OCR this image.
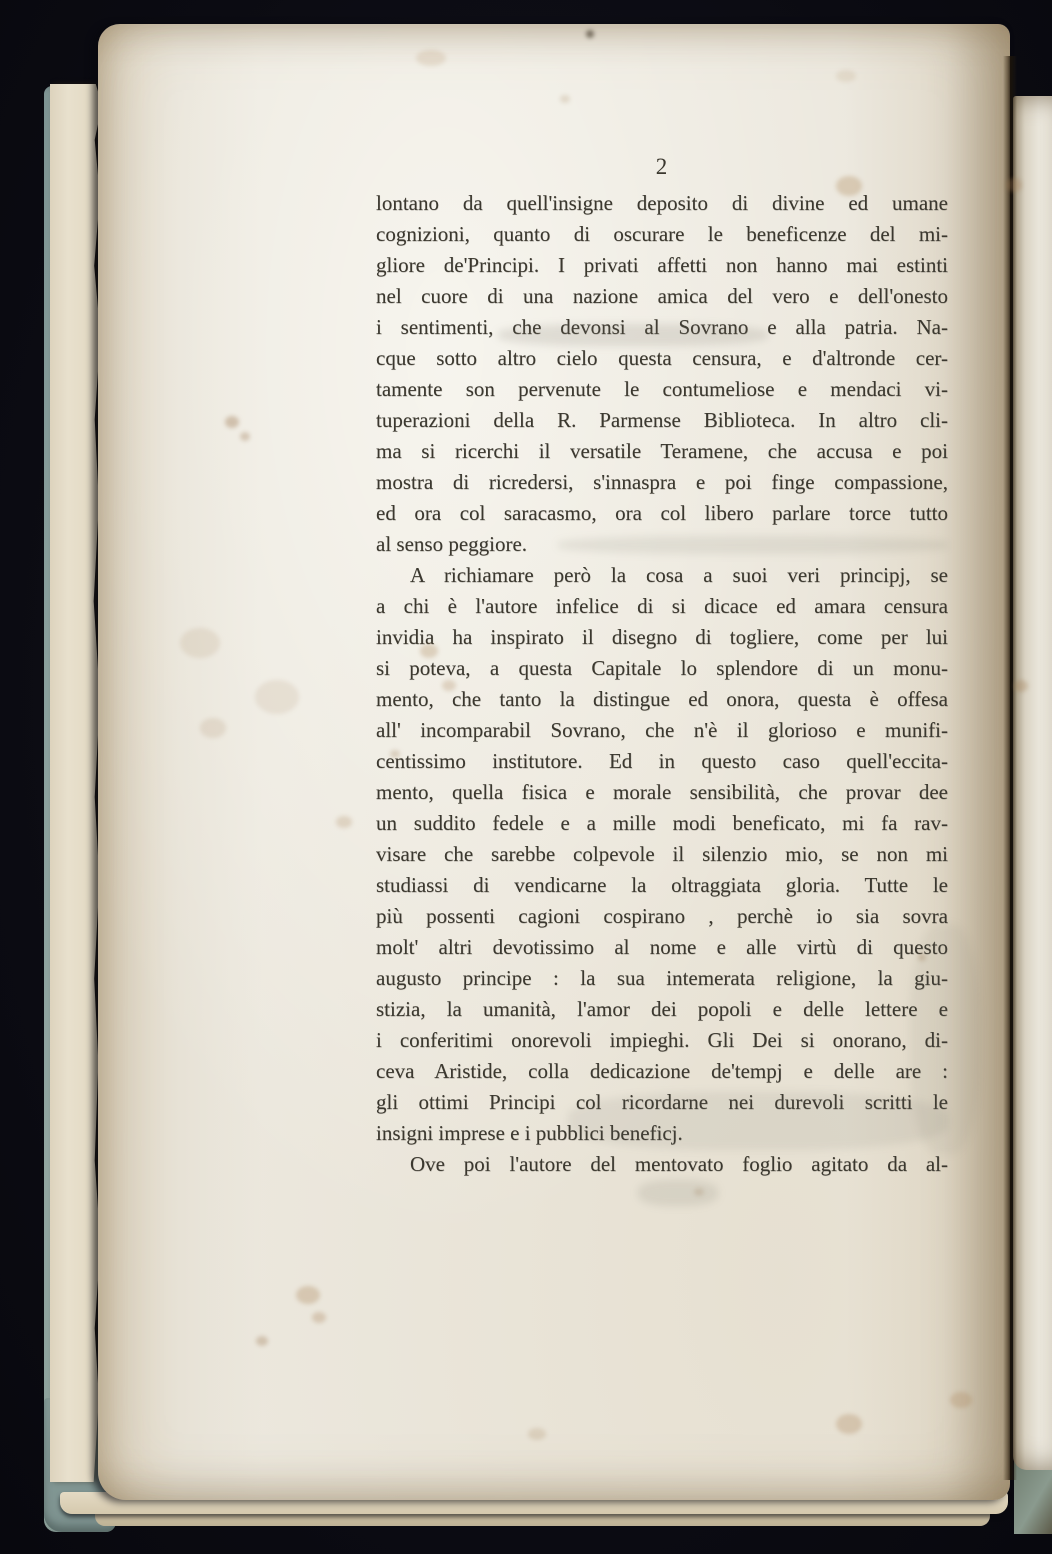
2
lontano da quell'insigne deposito di divine ed umane
cognizioni, quanto di oscurare le beneficenze del mi-
gliore de'Principi. I privati affetti non hanno mai estinti
nel cuore di una nazione amica del vero e dell'onesto
i sentimenti, che devonsi al Sovrano e alla patria. Na-
cque sotto altro cielo questa censura, e d'altronde cer-
tamente son pervenute le contumeliose e mendaci vi-
tuperazioni della R. Parmense Biblioteca. In altro cli-
ma si ricerchi il versatile Teramene, che accusa e poi
mostra di ricredersi, s'innaspra e poi finge compassione,
ed ora col saracasmo, ora col libero parlare torce tutto
al senso peggiore.
A richiamare però la cosa a suoi veri principj, se
a chi è l'autore infelice di si dicace ed amara censura
invidia ha inspirato il disegno di togliere, come per lui
si poteva, a questa Capitale lo splendore di un monu-
mento, che tanto la distingue ed onora, questa è offesa
all' incomparabil Sovrano, che n'è il glorioso e munifi-
centissimo institutore. Ed in questo caso quell'eccita-
mento, quella fisica e morale sensibilità, che provar dee
un suddito fedele e a mille modi beneficato, mi fa rav-
visare che sarebbe colpevole il silenzio mio, se non mi
studiassi di vendicarne la oltraggiata gloria. Tutte le
più possenti cagioni cospirano , perchè io sia sovra
molt' altri devotissimo al nome e alle virtù di questo
augusto principe : la sua intemerata religione, la giu-
stizia, la umanità, l'amor dei popoli e delle lettere e
i conferitimi onorevoli impieghi. Gli Dei si onorano, di-
ceva Aristide, colla dedicazione de'tempj e delle are :
gli ottimi Principi col ricordarne nei durevoli scritti le
insigni imprese e i pubblici beneficj.
Ove poi l'autore del mentovato foglio agitato da al-
